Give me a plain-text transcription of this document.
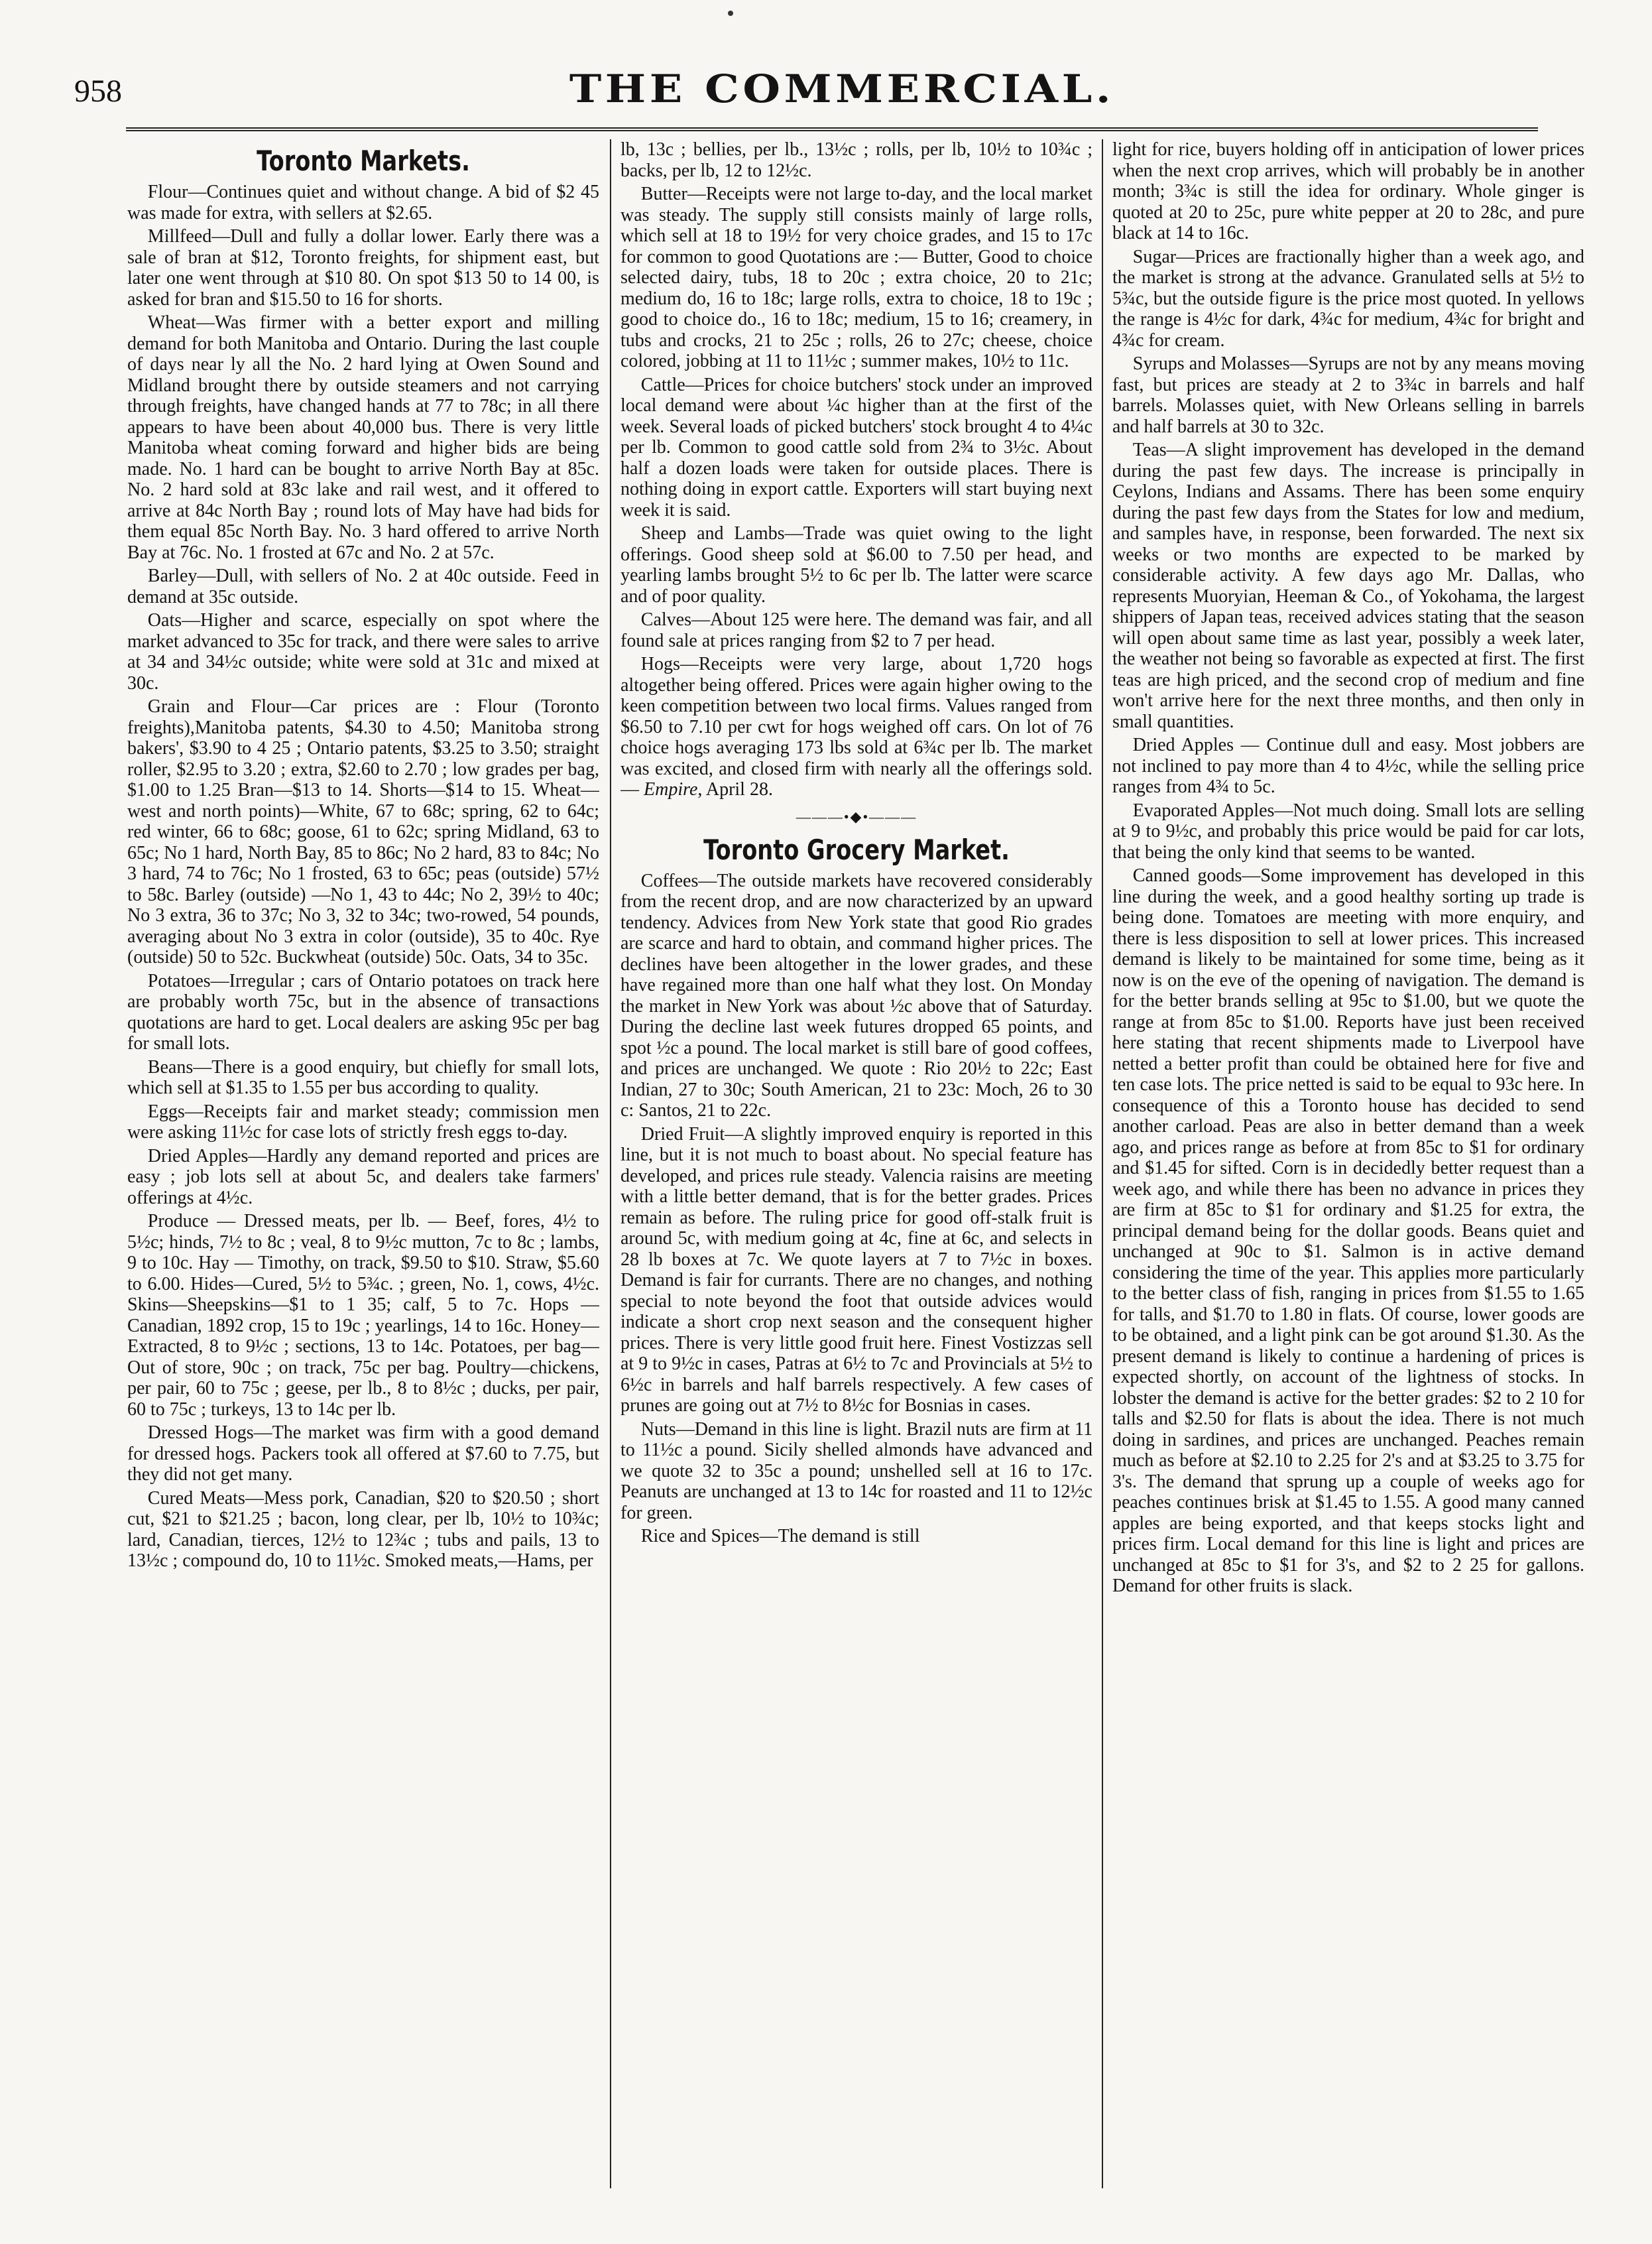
958	THE COMMERCIAL.
Toronto Markets.

Flour—Continues quiet and without change. A bid of $2 45 was made for extra, with sellers at $2.65.

Millfeed—Dull and fully a dollar lower. Early there was a sale of bran at $12, Toronto freights, for shipment east, but later one went through at $10 80. On spot $13 50 to 14 00, is asked for bran and $15.50 to 16 for shorts.

Wheat—Was firmer with a better export and milling demand for both Manitoba and Ontario. During the last couple of days near ly all the No. 2 hard lying at Owen Sound and Midland brought there by outside steamers and not carrying through freights, have changed hands at 77 to 78c; in all there appears to have been about 40,000 bus. There is very little Manitoba wheat coming forward and higher bids are being made. No. 1 hard can be bought to arrive North Bay at 85c. No. 2 hard sold at 83c lake and rail west, and it offered to arrive at 84c North Bay ; round lots of May have had bids for them equal 85c North Bay. No. 3 hard offered to arrive North Bay at 76c. No. 1 frosted at 67c and No. 2 at 57c.

Barley—Dull, with sellers of No. 2 at 40c outside. Feed in demand at 35c outside.

Oats—Higher and scarce, especially on spot where the market advanced to 35c for track, and there were sales to arrive at 34 and 34½c outside; white were sold at 31c and mixed at 30c.

Grain and Flour—Car prices are : Flour (Toronto freights),Manitoba patents, $4.30 to 4.50; Manitoba strong bakers', $3.90 to 4 25 ; Ontario patents, $3.25 to 3.50; straight roller, $2.95 to 3.20 ; extra, $2.60 to 2.70 ; low grades per bag, $1.00 to 1.25 Bran—$13 to 14. Shorts—$14 to 15. Wheat—west and north points)—White, 67 to 68c; spring, 62 to 64c; red winter, 66 to 68c; goose, 61 to 62c; spring Midland, 63 to 65c; No 1 hard, North Bay, 85 to 86c; No 2 hard, 83 to 84c; No 3 hard, 74 to 76c; No 1 frosted, 63 to 65c; peas (outside) 57½ to 58c. Barley (outside) —No 1, 43 to 44c; No 2, 39½ to 40c; No 3 extra, 36 to 37c; No 3, 32 to 34c; two-rowed, 54 pounds, averaging about No 3 extra in color (outside), 35 to 40c. Rye (outside) 50 to 52c. Buckwheat (outside) 50c. Oats, 34 to 35c.

Potatoes—Irregular ; cars of Ontario potatoes on track here are probably worth 75c, but in the absence of transactions quotations are hard to get. Local dealers are asking 95c per bag for small lots.

Beans—There is a good enquiry, but chiefly for small lots, which sell at $1.35 to 1.55 per bus according to quality.

Eggs—Receipts fair and market steady; commission men were asking 11½c for case lots of strictly fresh eggs to-day.

Dried Apples—Hardly any demand reported and prices are easy ; job lots sell at about 5c, and dealers take farmers' offerings at 4½c.

Produce — Dressed meats, per lb. — Beef, fores, 4½ to 5½c; hinds, 7½ to 8c ; veal, 8 to 9½c mutton, 7c to 8c ; lambs, 9 to 10c. Hay — Timothy, on track, $9.50 to $10. Straw, $5.60 to 6.00. Hides—Cured, 5½ to 5¾c. ; green, No. 1, cows, 4½c. Skins—Sheepskins—$1 to 1 35; calf, 5 to 7c. Hops —Canadian, 1892 crop, 15 to 19c ; yearlings, 14 to 16c. Honey—Extracted, 8 to 9½c ; sections, 13 to 14c. Potatoes, per bag—Out of store, 90c ; on track, 75c per bag. Poultry—chickens, per pair, 60 to 75c ; geese, per lb., 8 to 8½c ; ducks, per pair, 60 to 75c ; turkeys, 13 to 14c per lb.

Dressed Hogs—The market was firm with a good demand for dressed hogs. Packers took all offered at $7.60 to 7.75, but they did not get many.

Cured Meats—Mess pork, Canadian, $20 to $20.50 ; short cut, $21 to $21.25 ; bacon, long clear, per lb, 10½ to 10¾c; lard, Canadian, tierces, 12½ to 12¾c ; tubs and pails, 13 to 13½c ; compound do, 10 to 11½c. Smoked meats,—Hams, per

lb, 13c ; bellies, per lb., 13½c ; rolls, per lb, 10½ to 10¾c ; backs, per lb, 12 to 12½c.

Butter—Receipts were not large to-day, and the local market was steady. The supply still consists mainly of large rolls, which sell at 18 to 19½ for very choice grades, and 15 to 17c for common to good Quotations are :— Butter, Good to choice selected dairy, tubs, 18 to 20c ; extra choice, 20 to 21c; medium do, 16 to 18c; large rolls, extra to choice, 18 to 19c ; good to choice do., 16 to 18c; medium, 15 to 16; creamery, in tubs and crocks, 21 to 25c ; rolls, 26 to 27c; cheese, choice colored, jobbing at 11 to 11½c ; summer makes, 10½ to 11c.

Cattle—Prices for choice butchers' stock under an improved local demand were about ¼c higher than at the first of the week. Several loads of picked butchers' stock brought 4 to 4¼c per lb. Common to good cattle sold from 2¾ to 3½c. About half a dozen loads were taken for outside places. There is nothing doing in export cattle. Exporters will start buying next week it is said.

Sheep and Lambs—Trade was quiet owing to the light offerings. Good sheep sold at $6.00 to 7.50 per head, and yearling lambs brought 5½ to 6c per lb. The latter were scarce and of poor quality.

Calves—About 125 were here. The demand was fair, and all found sale at prices ranging from $2 to 7 per head.

Hogs—Receipts were very large, about 1,720 hogs altogether being offered. Prices were again higher owing to the keen competition between two local firms. Values ranged from $6.50 to 7.10 per cwt for hogs weighed off cars. On lot of 76 choice hogs averaging 173 lbs sold at 6¾c per lb. The market was excited, and closed firm with nearly all the offerings sold.— Empire, April 28.

———•◆•———
Toronto Grocery Market.

Coffees—The outside markets have recovered considerably from the recent drop, and are now characterized by an upward tendency. Advices from New York state that good Rio grades are scarce and hard to obtain, and command higher prices. The declines have been altogether in the lower grades, and these have regained more than one half what they lost. On Monday the market in New York was about ½c above that of Saturday. During the decline last week futures dropped 65 points, and spot ½c a pound. The local market is still bare of good coffees, and prices are unchanged. We quote : Rio 20½ to 22c; East Indian, 27 to 30c; South American, 21 to 23c: Moch, 26 to 30 c: Santos, 21 to 22c.

Dried Fruit—A slightly improved enquiry is reported in this line, but it is not much to boast about. No special feature has developed, and prices rule steady. Valencia raisins are meeting with a little better demand, that is for the better grades. Prices remain as before. The ruling price for good off-stalk fruit is around 5c, with medium going at 4c, fine at 6c, and selects in 28 lb boxes at 7c. We quote layers at 7 to 7½c in boxes. Demand is fair for currants. There are no changes, and nothing special to note beyond the foot that outside advices would indicate a short crop next season and the consequent higher prices. There is very little good fruit here. Finest Vostizzas sell at 9 to 9½c in cases, Patras at 6½ to 7c and Provincials at 5½ to 6½c in barrels and half barrels respectively. A few cases of prunes are going out at 7½ to 8½c for Bosnias in cases.

Nuts—Demand in this line is light. Brazil nuts are firm at 11 to 11½c a pound. Sicily shelled almonds have advanced and we quote 32 to 35c a pound; unshelled sell at 16 to 17c. Peanuts are unchanged at 13 to 14c for roasted and 11 to 12½c for green.

Rice and Spices—The demand is still

light for rice, buyers holding off in anticipation of lower prices when the next crop arrives, which will probably be in another month; 3¾c is still the idea for ordinary. Whole ginger is quoted at 20 to 25c, pure white pepper at 20 to 28c, and pure black at 14 to 16c.

Sugar—Prices are fractionally higher than a week ago, and the market is strong at the advance. Granulated sells at 5½ to 5¾c, but the outside figure is the price most quoted. In yellows the range is 4½c for dark, 4¾c for medium, 4¾c for bright and 4¾c for cream.

Syrups and Molasses—Syrups are not by any means moving fast, but prices are steady at 2 to 3¾c in barrels and half barrels. Molasses quiet, with New Orleans selling in barrels and half barrels at 30 to 32c.

Teas—A slight improvement has developed in the demand during the past few days. The increase is principally in Ceylons, Indians and Assams. There has been some enquiry during the past few days from the States for low and medium, and samples have, in response, been forwarded. The next six weeks or two months are expected to be marked by considerable activity. A few days ago Mr. Dallas, who represents Muoryian, Heeman & Co., of Yokohama, the largest shippers of Japan teas, received advices stating that the season will open about same time as last year, possibly a week later, the weather not being so favorable as expected at first. The first teas are high priced, and the second crop of medium and fine won't arrive here for the next three months, and then only in small quantities.

Dried Apples — Continue dull and easy. Most jobbers are not inclined to pay more than 4 to 4½c, while the selling price ranges from 4¾ to 5c.

Evaporated Apples—Not much doing. Small lots are selling at 9 to 9½c, and probably this price would be paid for car lots, that being the only kind that seems to be wanted.

Canned goods—Some improvement has developed in this line during the week, and a good healthy sorting up trade is being done. Tomatoes are meeting with more enquiry, and there is less disposition to sell at lower prices. This increased demand is likely to be maintained for some time, being as it now is on the eve of the opening of navigation. The demand is for the better brands selling at 95c to $1.00, but we quote the range at from 85c to $1.00. Reports have just been received here stating that recent shipments made to Liverpool have netted a better profit than could be obtained here for five and ten case lots. The price netted is said to be equal to 93c here. In consequence of this a Toronto house has decided to send another carload. Peas are also in better demand than a week ago, and prices range as before at from 85c to $1 for ordinary and $1.45 for sifted. Corn is in decidedly better request than a week ago, and while there has been no advance in prices they are firm at 85c to $1 for ordinary and $1.25 for extra, the principal demand being for the dollar goods. Beans quiet and unchanged at 90c to $1. Salmon is in active demand considering the time of the year. This applies more particularly to the better class of fish, ranging in prices from $1.55 to 1.65 for talls, and $1.70 to 1.80 in flats. Of course, lower goods are to be obtained, and a light pink can be got around $1.30. As the present demand is likely to continue a hardening of prices is expected shortly, on account of the lightness of stocks. In lobster the demand is active for the better grades: $2 to 2 10 for talls and $2.50 for flats is about the idea. There is not much doing in sardines, and prices are unchanged. Peaches remain much as before at $2.10 to 2.25 for 2's and at $3.25 to 3.75 for 3's. The demand that sprung up a couple of weeks ago for peaches continues brisk at $1.45 to 1.55. A good many canned apples are being exported, and that keeps stocks light and prices firm. Local demand for this line is light and prices are unchanged at 85c to $1 for 3's, and $2 to 2 25 for gallons. Demand for other fruits is slack.
